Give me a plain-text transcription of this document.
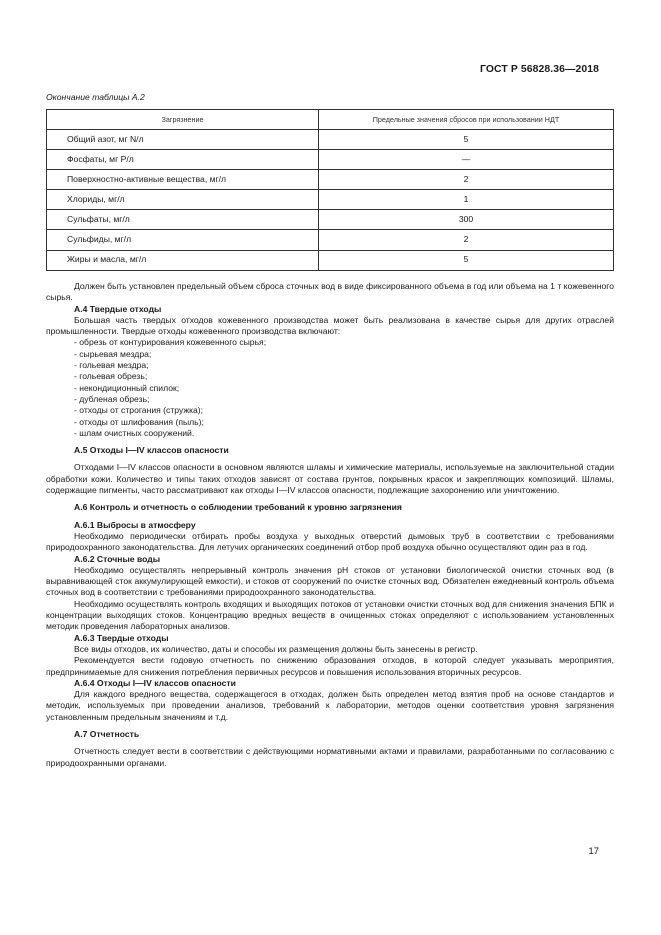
ГОСТ Р 56828.36—2018
Окончание таблицы А.2
Загрязнение	Предельные значения сбросов при использовании НДТ
Общий азот, мг N/л	5
Фосфаты, мг Р/л	—
Поверхностно-активные вещества, мг/л	2
Хлориды, мг/л	1
Сульфаты, мг/л	300
Сульфиды, мг/л	2
Жиры и масла, мг/л	5

Должен быть установлен предельный объем сброса сточных вод в виде фиксированного объема в год или объема на 1 т кожевенного сырья.

А.4 Твердые отходы

Большая часть твердых отходов кожевенного производства может быть реализована в качестве сырья для других отраслей промышленности. Твердые отходы кожевенного производства включают:

- обрезь от контурирования кожевенного сырья;
- сырьевая мездра;
- гольевая мездра;
- гольевая обрезь;
- некондиционный спилок;
- дубленая обрезь;
- отходы от строгания (стружка);
- отходы от шлифования (пыль);
- шлам очистных сооружений.
А.5 Отходы I—IV классов опасности

Отходами I—IV классов опасности в основном являются шламы и химические материалы, используемые на заключительной стадии обработки кожи. Количество и типы таких отходов зависят от состава грунтов, покрывных красок и закрепляющих композиций. Шламы, содержащие пигменты, часто рассматривают как отходы I—IV классов опасности, подлежащие захоронению или уничтожению.

А.6 Контроль и отчетность о соблюдении требований к уровню загрязнения
А.6.1 Выбросы в атмосферу

Необходимо периодически отбирать пробы воздуха у выходных отверстий дымовых труб в соответствии с требованиями природоохранного законодательства. Для летучих органических соединений отбор проб воздуха обычно осуществляют один раз в год.

А.6.2 Сточные воды

Необходимо осуществлять непрерывный контроль значения рН стоков от установки биологической очистки сточных вод (в выравнивающей сток аккумулирующей емкости), и стоков от сооружений по очистке сточных вод. Обязателен ежедневный контроль объема сточных вод в соответствии с требованиями природоохранного законодательства.

Необходимо осуществлять контроль входящих и выходящих потоков от установки очистки сточных вод для снижения значения БПК и концентрации выходящих стоков. Концентрацию вредных веществ в очищенных стоках определяют с использованием установленных методик проведения лабораторных анализов.

А.6.3 Твердые отходы

Все виды отходов, их количество, даты и способы их размещения должны быть занесены в регистр.

Рекомендуется вести годовую отчетность по снижению образования отходов, в которой следует указывать мероприятия, предпринимаемые для снижения потребления первичных ресурсов и повышения использования вторичных ресурсов.

А.6.4 Отходы I—IV классов опасности

Для каждого вредного вещества, содержащегося в отходах, должен быть определен метод взятия проб на основе стандартов и методик, используемых при проведении анализов, требований к лаборатории, методов оценки соответствия уровня загрязнения установленным предельным значениям и т.д.

А.7 Отчетность

Отчетность следует вести в соответствии с действующими нормативными актами и правилами, разработанными по согласованию с природоохранными органами.

17
